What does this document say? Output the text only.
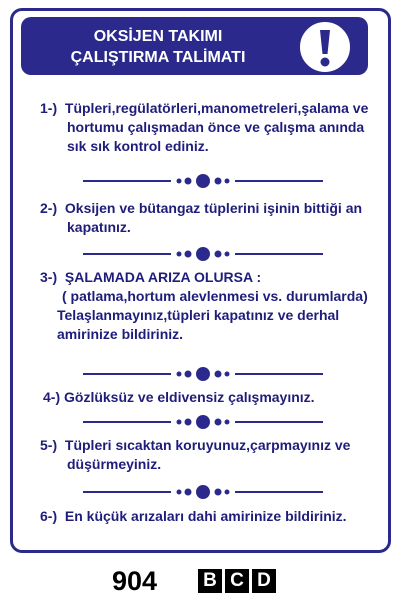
OKSİJEN TAKIMI
ÇALIŞTIRMA TALİMATI
1-) Tüpleri,regülatörleri,manometreleri,şalama ve
hortumu çalışmadan önce ve çalışma anında
sık sık kontrol ediniz.
2-) Oksijen ve bütangaz tüplerini işinin bittiği an
kapatınız.
3-) ŞALAMADA ARIZA OLURSA :
( patlama,hortum alevlenmesi vs. durumlarda)
Telaşlanmayınız,tüpleri kapatınız ve derhal
amirinize bildiriniz.
4-) Gözlüksüz ve eldivensiz çalışmayınız.
5-) Tüpleri sıcaktan koruyunuz,çarpmayınız ve
düşürmeyiniz.
6-) En küçük arızaları dahi amirinize bildiriniz.
904 B C D
